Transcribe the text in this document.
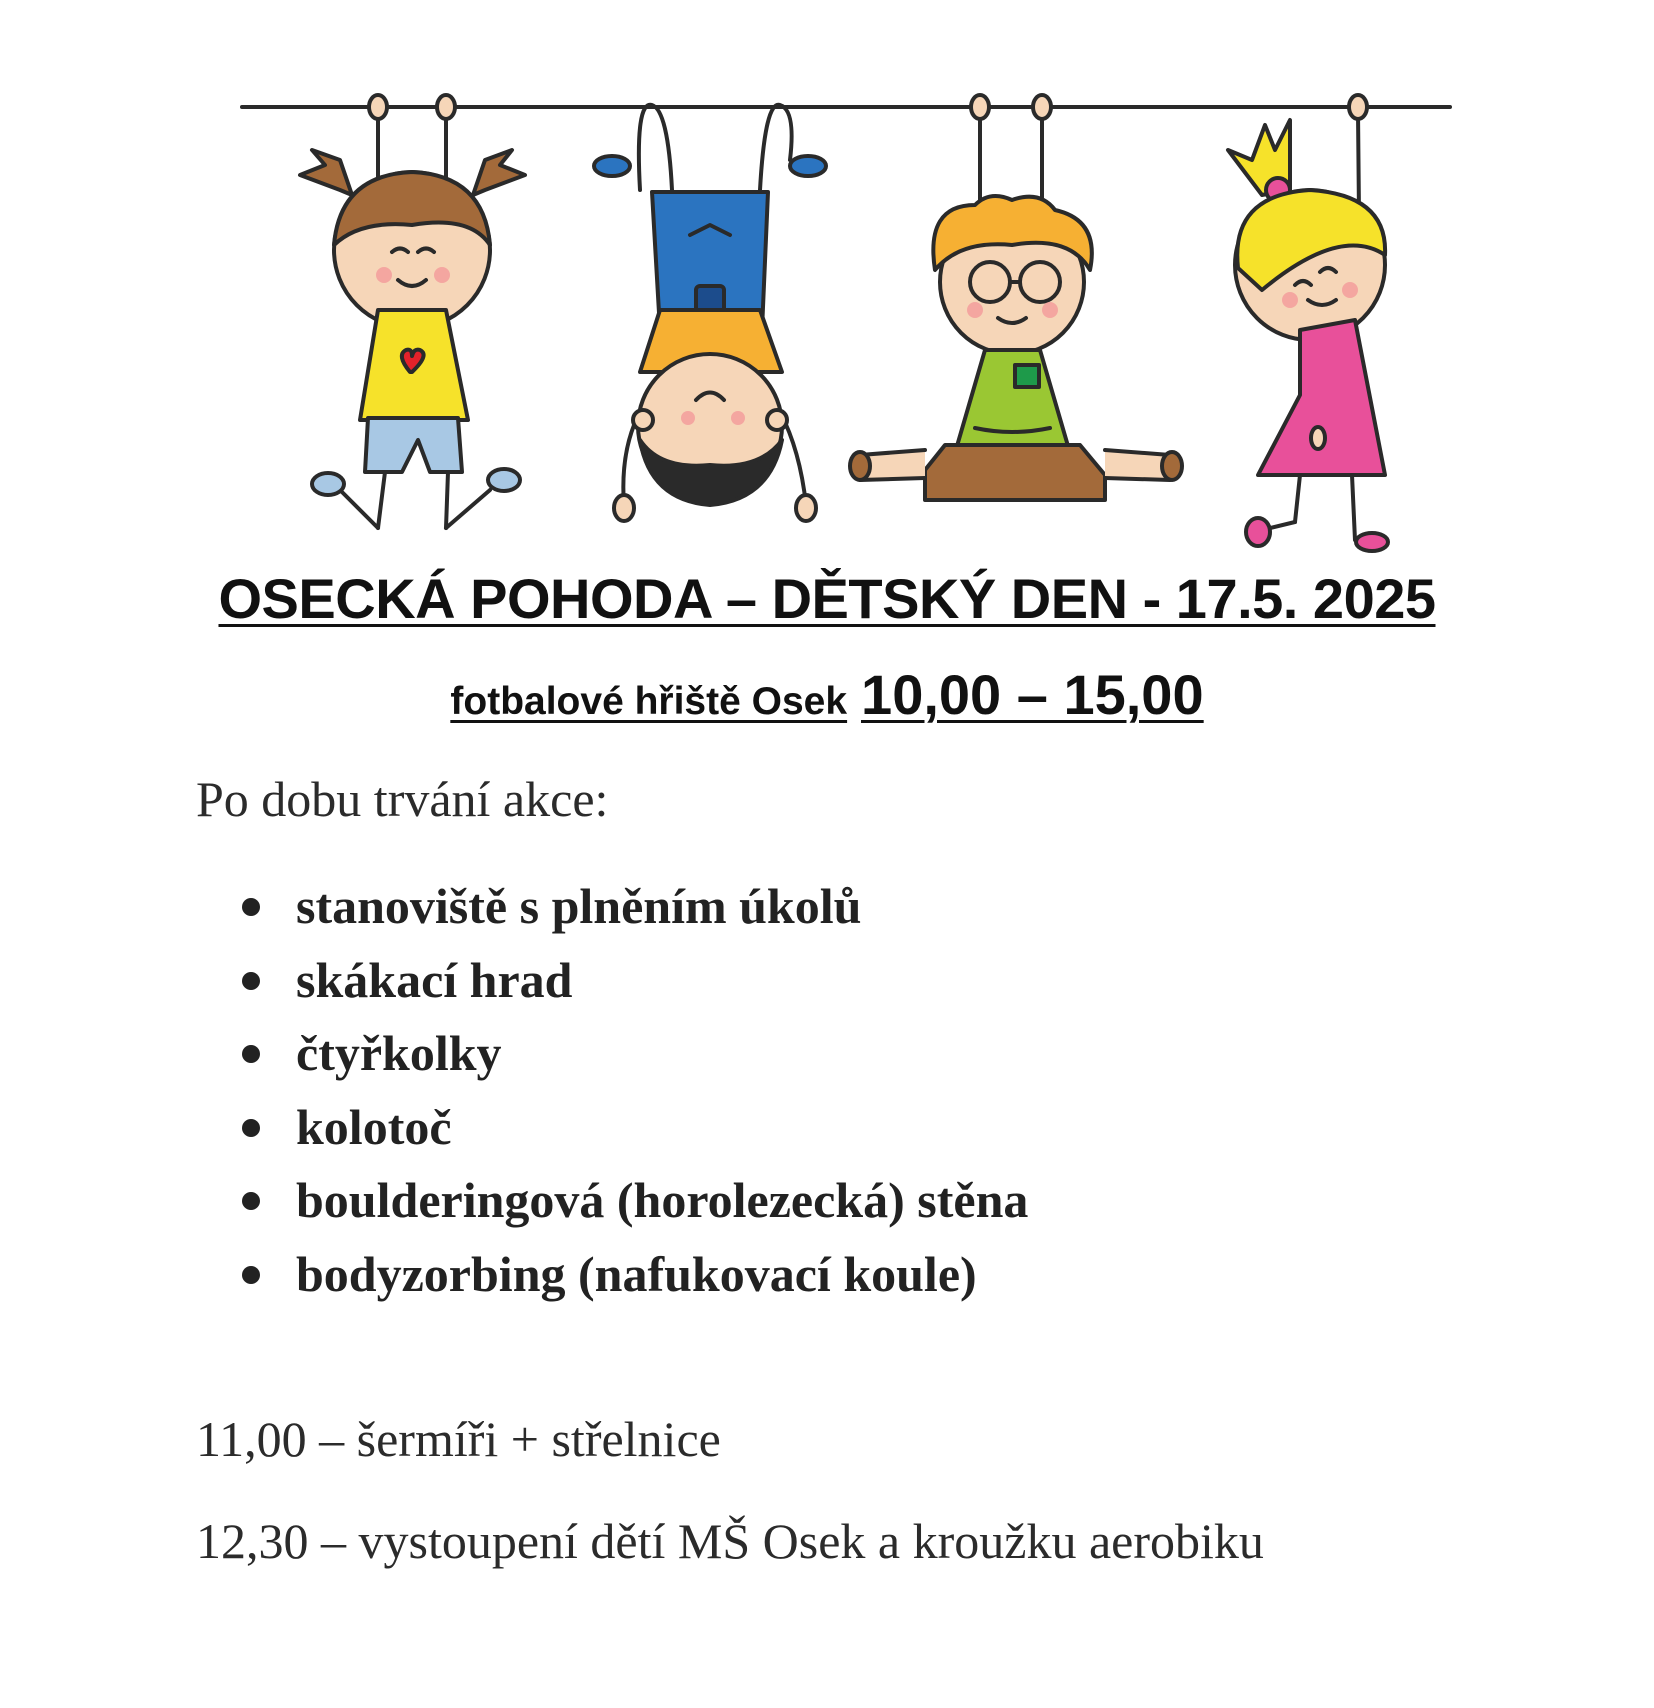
OSECKÁ POHODA – DĚTSKÝ DEN - 17.5. 2025
fotbalové hřiště Osek 10,00 – 15,00

Po dobu trvání akce:

stanoviště s plněním úkolů
skákací hrad
čtyřkolky
kolotoč
boulderingová (horolezecká) stěna
bodyzorbing (nafukovací koule)

11,00 – šermíři + střelnice

12,30 – vystoupení dětí MŠ Osek a kroužku aerobiku
